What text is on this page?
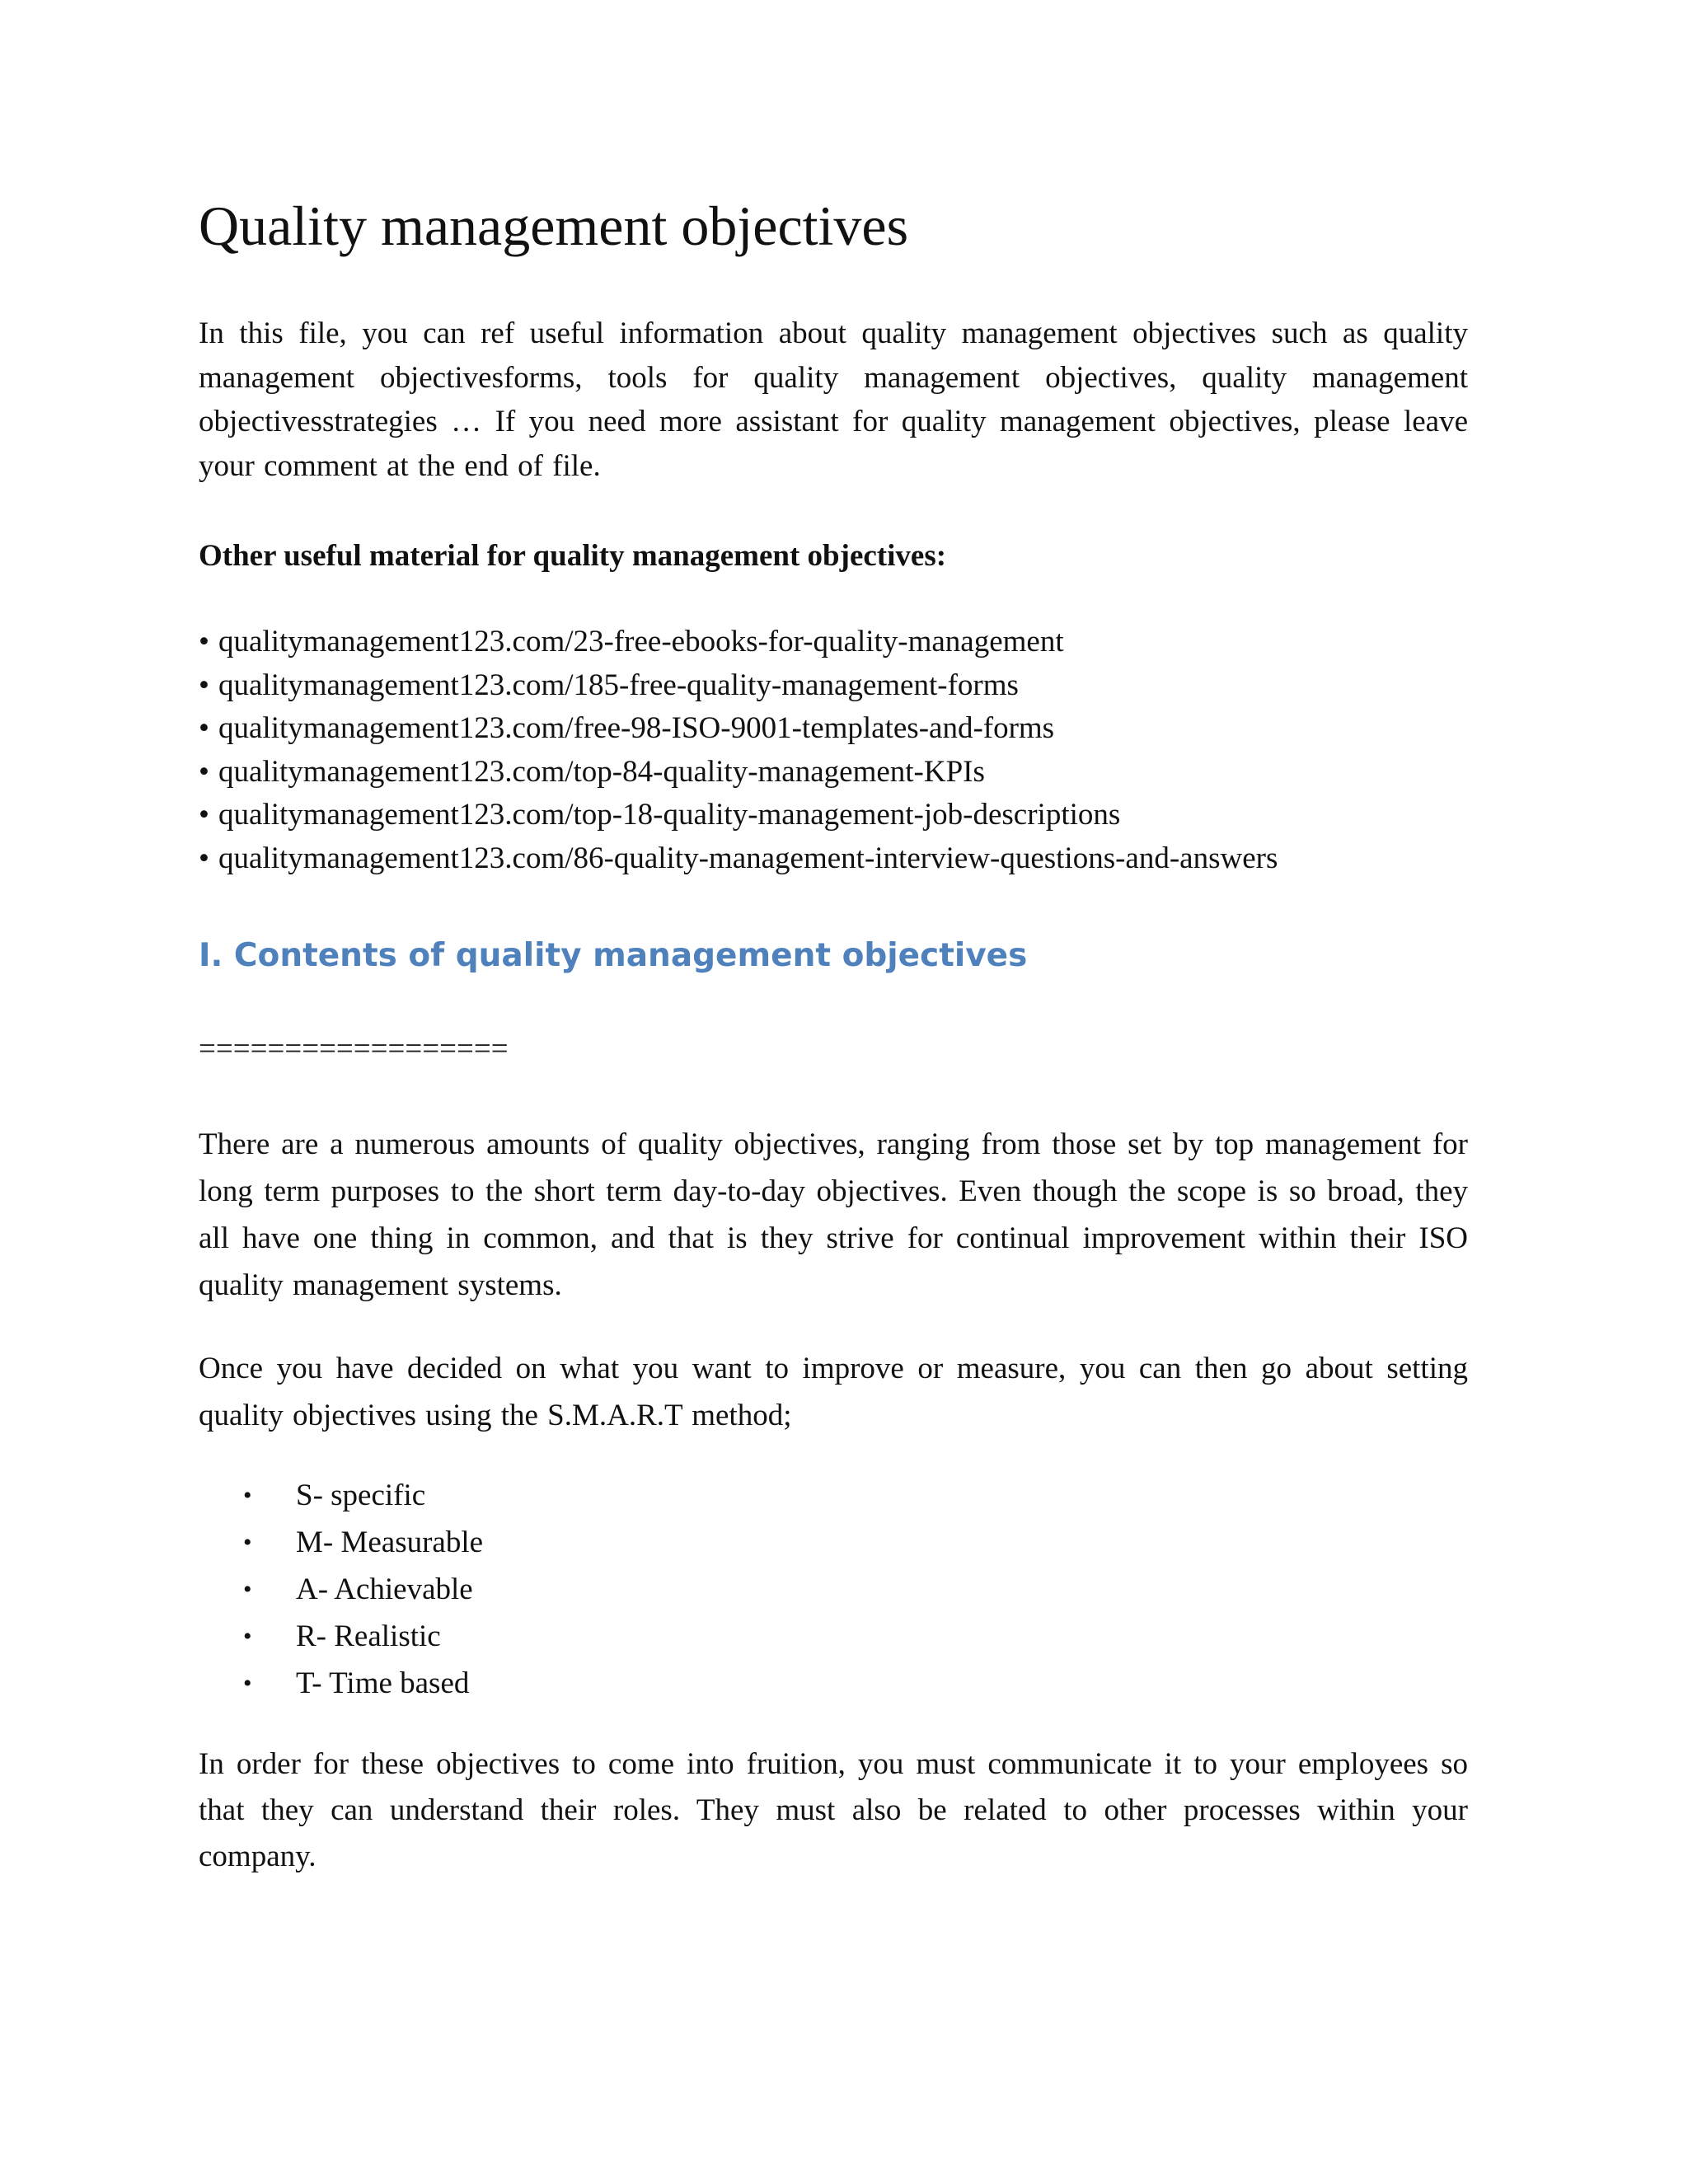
Quality management objectives

In this file, you can ref useful information about quality management objectives such as quality management objectivesforms, tools for quality management objectives, quality management objectivesstrategies … If you need more assistant for quality management objectives, please leave your comment at the end of file.

Other useful material for quality management objectives:

• qualitymanagement123.com/23-free-ebooks-for-quality-management
• qualitymanagement123.com/185-free-quality-management-forms
• qualitymanagement123.com/free-98-ISO-9001-templates-and-forms
• qualitymanagement123.com/top-84-quality-management-KPIs
• qualitymanagement123.com/top-18-quality-management-job-descriptions
• qualitymanagement123.com/86-quality-management-interview-questions-and-answers
I. Contents of quality management objectives

==================

There are a numerous amounts of quality objectives, ranging from those set by top management for long term purposes to the short term day-to-day objectives. Even though the scope is so broad, they all have one thing in common, and that is they strive for continual improvement within their ISO quality management systems.

Once you have decided on what you want to improve or measure, you can then go about setting quality objectives using the S.M.A.R.T method;

• S- specific
• M- Measurable
• A- Achievable
• R- Realistic
• T- Time based

In order for these objectives to come into fruition, you must communicate it to your employees so that they can understand their roles. They must also be related to other processes within your company.
